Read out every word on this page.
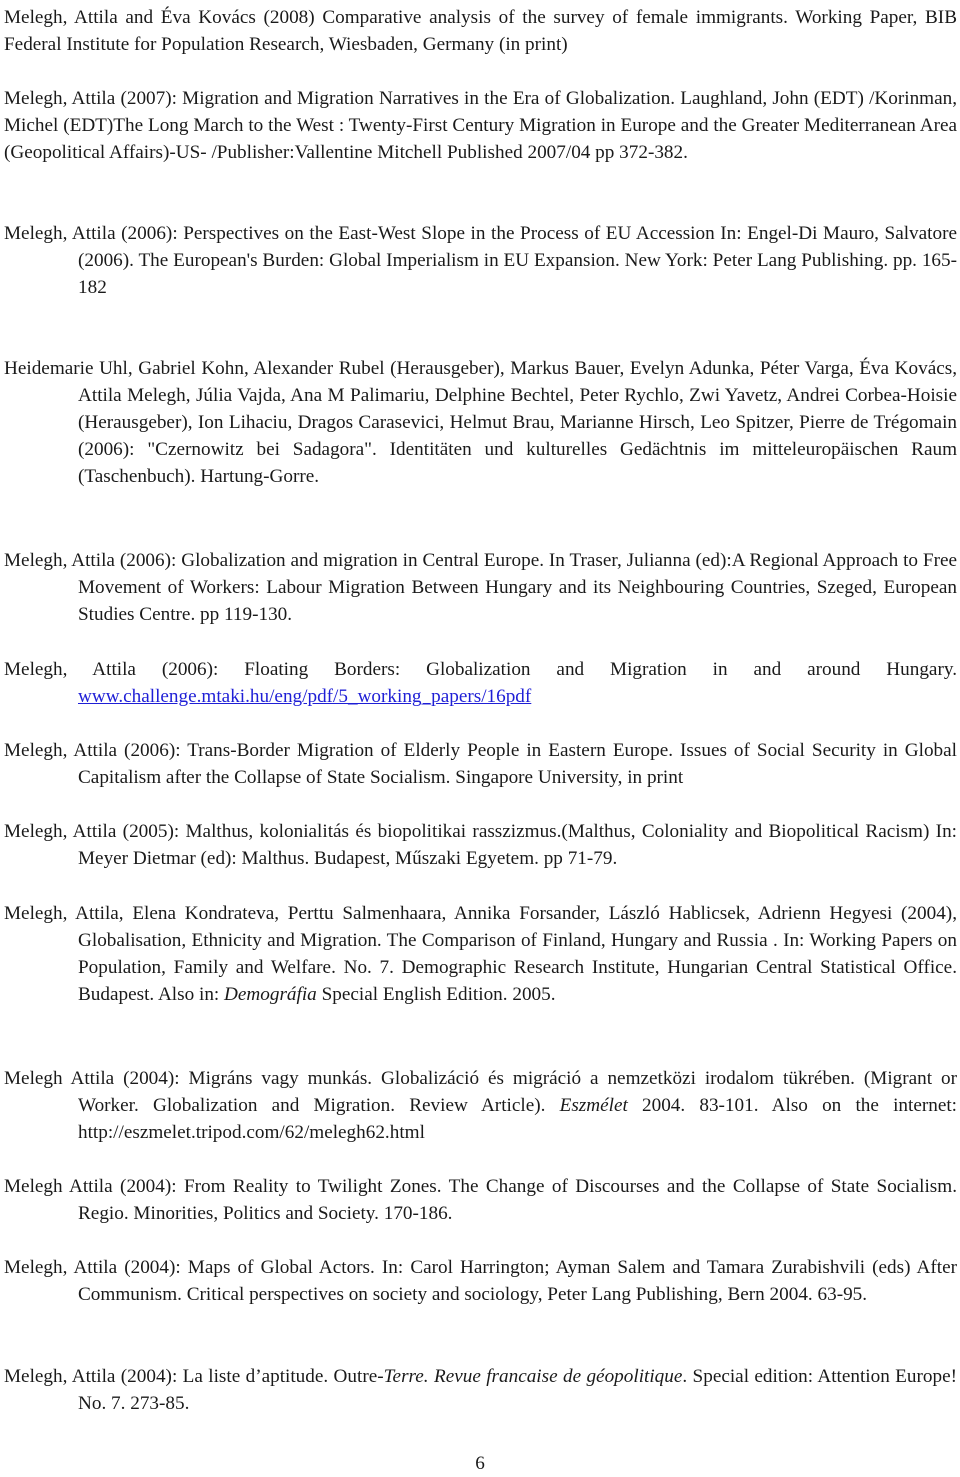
Melegh, Attila and Éva Kovács (2008) Comparative analysis of the survey of female immigrants. Working Paper, BIB Federal Institute for Population Research, Wiesbaden, Germany (in print)

Melegh, Attila (2007): Migration and Migration Narratives in the Era of Globalization. Laughland, John (EDT) /Korinman, Michel (EDT)The Long March to the West : Twenty-First Century Migration in Europe and the Greater Mediterranean Area (Geopolitical Affairs)-US- /Publisher:Vallentine Mitchell Published 2007/04 pp 372-382.

Melegh, Attila (2006): Perspectives on the East-West Slope in the Process of EU Accession In: Engel-Di Mauro, Salvatore (2006). The European's Burden: Global Imperialism in EU Expansion. New York: Peter Lang Publishing. pp. 165-182

Heidemarie Uhl, Gabriel Kohn, Alexander Rubel (Herausgeber), Markus Bauer, Evelyn Adunka, Péter Varga, Éva Kovács, Attila Melegh, Júlia Vajda, Ana M Palimariu, Delphine Bechtel, Peter Rychlo, Zwi Yavetz, Andrei Corbea-Hoisie (Herausgeber), Ion Lihaciu, Dragos Carasevici, Helmut Brau, Marianne Hirsch, Leo Spitzer, Pierre de Trégomain (2006): "Czernowitz bei Sadagora". Identitäten und kulturelles Gedächtnis im mitteleuropäischen Raum (Taschenbuch). Hartung-Gorre.

Melegh, Attila (2006): Globalization and migration in Central Europe. In Traser, Julianna (ed):A Regional Approach to Free Movement of Workers: Labour Migration Between Hungary and its Neighbouring Countries, Szeged, European Studies Centre. pp 119-130.

Melegh, Attila (2006): Floating Borders: Globalization and Migration in and around Hungary. www.challenge.mtaki.hu/eng/pdf/5_working_papers/16pdf

Melegh, Attila (2006): Trans-Border Migration of Elderly People in Eastern Europe. Issues of Social Security in Global Capitalism after the Collapse of State Socialism. Singapore University, in print

Melegh, Attila (2005): Malthus, kolonialitás és biopolitikai rasszizmus.(Malthus, Coloniality and Biopolitical Racism) In: Meyer Dietmar (ed): Malthus. Budapest, Műszaki Egyetem. pp 71-79.

Melegh, Attila, Elena Kondrateva, Perttu Salmenhaara, Annika Forsander, László Hablicsek, Adrienn Hegyesi (2004), Globalisation, Ethnicity and Migration. The Comparison of Finland, Hungary and Russia . In: Working Papers on Population, Family and Welfare. No. 7. Demographic Research Institute, Hungarian Central Statistical Office. Budapest. Also in: Demográfia Special English Edition. 2005.

Melegh Attila (2004): Migráns vagy munkás. Globalizáció és migráció a nemzetközi irodalom tükrében. (Migrant or Worker. Globalization and Migration. Review Article). Eszmélet 2004. 83-101. Also on the internet: http://eszmelet.tripod.com/62/melegh62.html

Melegh Attila (2004): From Reality to Twilight Zones. The Change of Discourses and the Collapse of State Socialism. Regio. Minorities, Politics and Society. 170-186.

Melegh, Attila (2004): Maps of Global Actors. In: Carol Harrington; Ayman Salem and Tamara Zurabishvili (eds) After Communism. Critical perspectives on society and sociology, Peter Lang Publishing, Bern 2004. 63-95.

Melegh, Attila (2004): La liste d’aptitude. Outre-Terre. Revue francaise de géopolitique. Special edition: Attention Europe! No. 7. 273-85.

6
